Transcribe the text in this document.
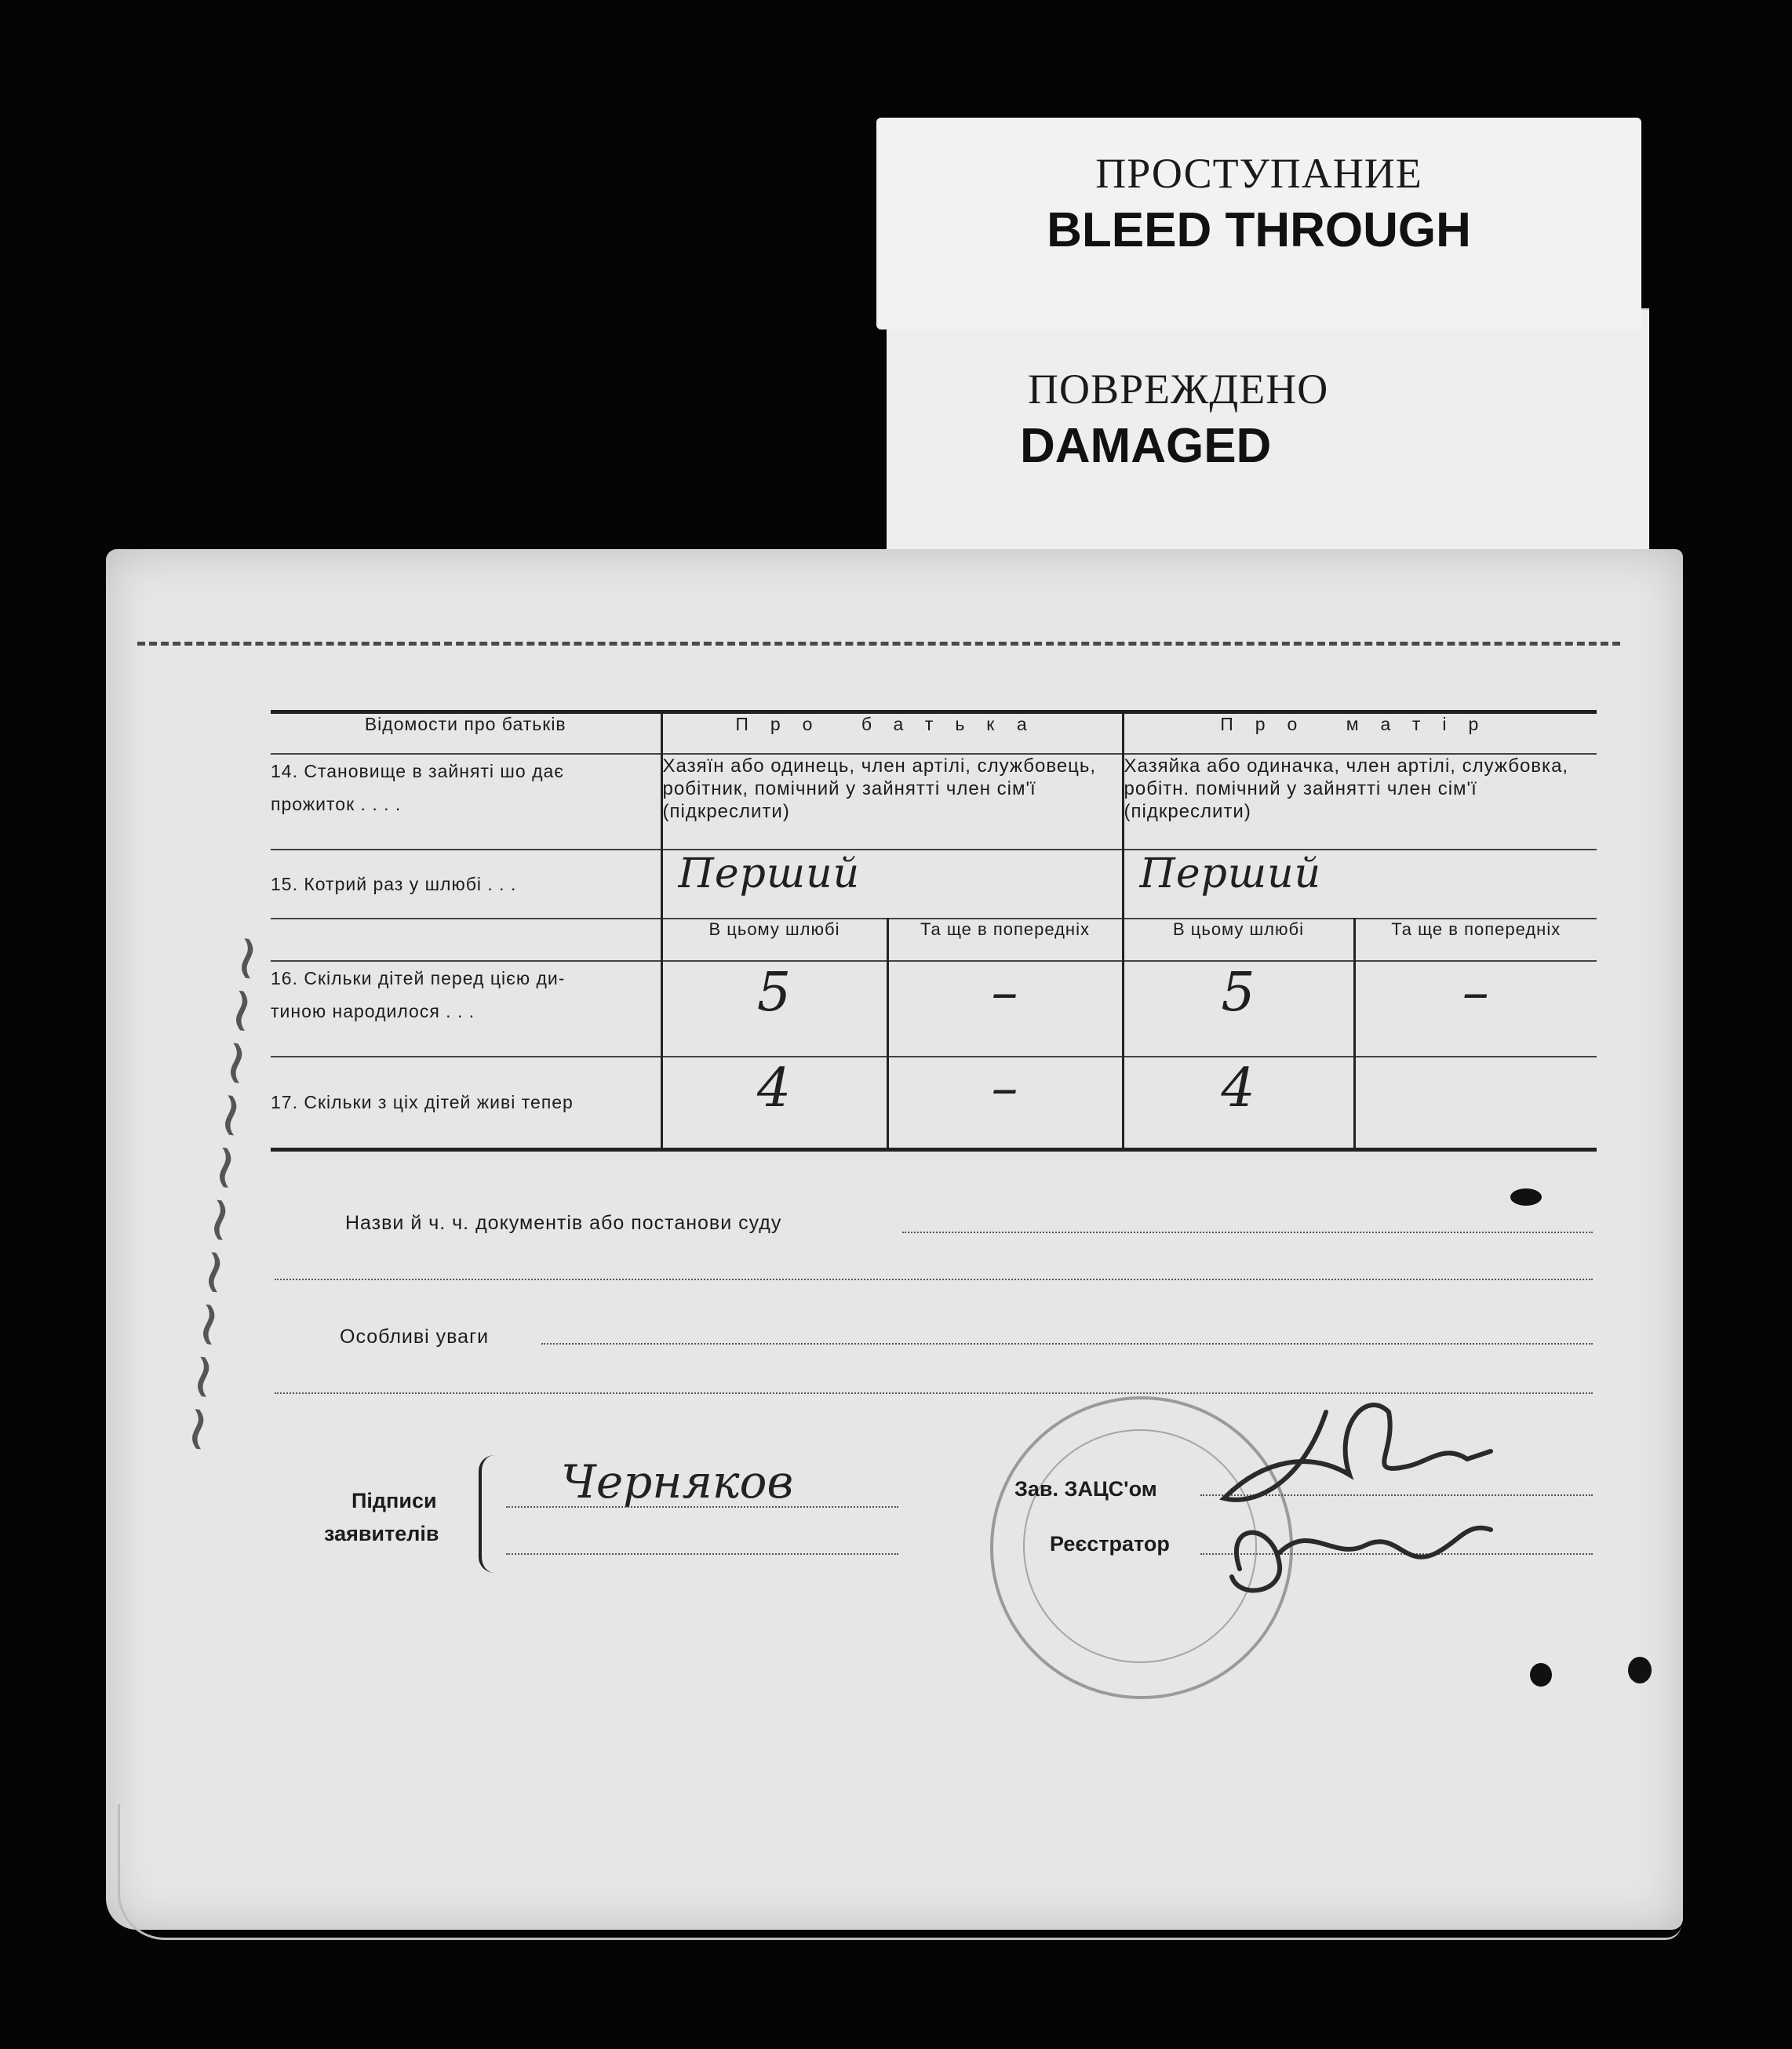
ПОВРЕЖДЕНО
DAMAGED
ПРОСТУПАНИЕ
BLEED THROUGH
Відомости про батьків	Про батька		Про матір	

14. Становище в зайняті шо дає
прожиток . . . .	Хазяїн або одинець, член артілі, службовець, робітник, помічний у зайнятті член сім'ї (підкреслити)		Хазяйка або одиначка, член артілі, службовка, робітн. помічний у зайнятті член сім'ї (підкреслити)	
15. Котрий раз у шлюбі . . .	Перший		Перший	
	В цьому шлюбі	Та ще в попередніх	В цьому шлюбі	Та ще в попередніх

16. Скільки дітей перед цією ди-
тиною народилося . . .	5	–	5	–
17. Скільки з ціх дітей живі тепер	4	–	4	
Назви й ч. ч. документів або постанови суду
Особливі уваги
Підписи
заявителів
Черняков	Зав. ЗАЦС'ом
Реєстратор
~~~~~~~~~~
